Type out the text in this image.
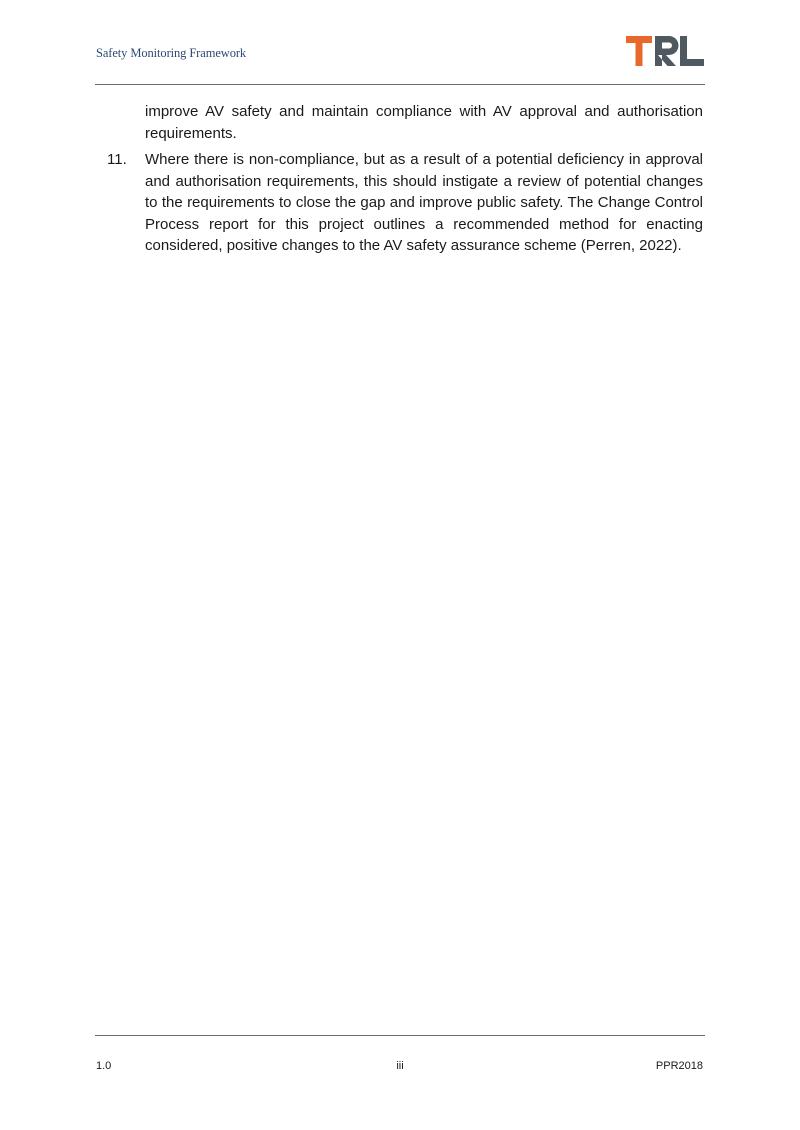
Safety Monitoring Framework

improve AV safety and maintain compliance with AV approval and authorisation requirements.

11.	Where there is non-compliance, but as a result of a potential deficiency in approval and authorisation requirements, this should instigate a review of potential changes to the requirements to close the gap and improve public safety. The Change Control Process report for this project outlines a recommended method for enacting considered, positive changes to the AV safety assurance scheme (Perren, 2022).
1.0	iii	PPR2018
